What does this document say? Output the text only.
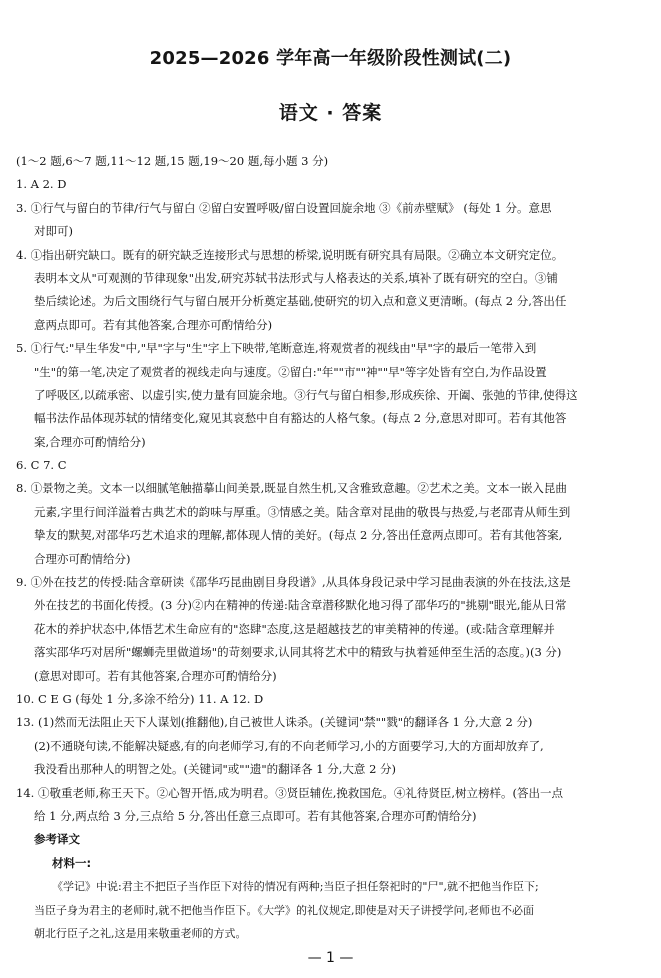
2025—2026 学年高一年级阶段性测试(二)
语文 · 答案
(1～2 题,6～7 题,11～12 题,15 题,19～20 题,每小题 3 分)
1. A 2. D
3. ①行气与留白的节律/行气与留白 ②留白安置呼吸/留白设置回旋余地 ③《前赤壁赋》 (每处 1 分。意思
对即可)
4. ①指出研究缺口。既有的研究缺乏连接形式与思想的桥梁,说明既有研究具有局限。②确立本文研究定位。
表明本文从"可观测的节律现象"出发,研究苏轼书法形式与人格表达的关系,填补了既有研究的空白。③铺
垫后续论述。为后文围绕行气与留白展开分析奠定基础,使研究的切入点和意义更清晰。(每点 2 分,答出任
意两点即可。若有其他答案,合理亦可酌情给分)
5. ①行气:"早生华发"中,"早"字与"生"字上下映带,笔断意连,将观赏者的视线由"早"字的最后一笔带入到
"生"的第一笔,决定了观赏者的视线走向与速度。②留白:"年""市""神""早"等字处皆有空白,为作品设置
了呼吸区,以疏承密、以虚引实,使力量有回旋余地。③行气与留白相参,形成疾徐、开阖、张弛的节律,使得这
幅书法作品体现苏轼的情绪变化,窥见其哀愁中自有豁达的人格气象。(每点 2 分,意思对即可。若有其他答
案,合理亦可酌情给分)
6. C 7. C
8. ①景物之美。文本一以细腻笔触描摹山间美景,既显自然生机,又含雅致意趣。②艺术之美。文本一嵌入昆曲
元素,字里行间洋溢着古典艺术的韵味与厚重。③情感之美。陆含章对昆曲的敬畏与热爱,与老邵青从师生到
挚友的默契,对邵华巧艺术追求的理解,都体现人情的美好。(每点 2 分,答出任意两点即可。若有其他答案,
合理亦可酌情给分)
9. ①外在技艺的传授:陆含章研读《邵华巧昆曲剧目身段谱》,从具体身段记录中学习昆曲表演的外在技法,这是
外在技艺的书面化传授。(3 分)②内在精神的传递:陆含章潜移默化地习得了邵华巧的"挑剔"眼光,能从日常
花木的养护状态中,体悟艺术生命应有的"恣肆"态度,这是超越技艺的审美精神的传递。(或:陆含章理解并
落实邵华巧对居所"螺蛳壳里做道场"的苛刻要求,认同其将艺术中的精致与执着延伸至生活的态度。)(3 分)
(意思对即可。若有其他答案,合理亦可酌情给分)
10. C E G (每处 1 分,多涂不给分) 11. A 12. D
13. (1)然而无法阻止天下人谋划(推翻他),自己被世人诛杀。(关键词"禁""戮"的翻译各 1 分,大意 2 分)
(2)不通晓句读,不能解决疑惑,有的向老师学习,有的不向老师学习,小的方面要学习,大的方面却放弃了,
我没看出那种人的明智之处。(关键词"或""遗"的翻译各 1 分,大意 2 分)
14. ①敬重老师,称王天下。②心智开悟,成为明君。③贤臣辅佐,挽救国危。④礼待贤臣,树立榜样。(答出一点
给 1 分,两点给 3 分,三点给 5 分,答出任意三点即可。若有其他答案,合理亦可酌情给分)
参考译文
材料一:
《学记》中说:君主不把臣子当作臣下对待的情况有两种;当臣子担任祭祀时的"尸",就不把他当作臣下;
当臣子身为君主的老师时,就不把他当作臣下。《大学》的礼仪规定,即使是对天子讲授学问,老师也不必面
朝北行臣子之礼,这是用来敬重老师的方式。
— 1 —
